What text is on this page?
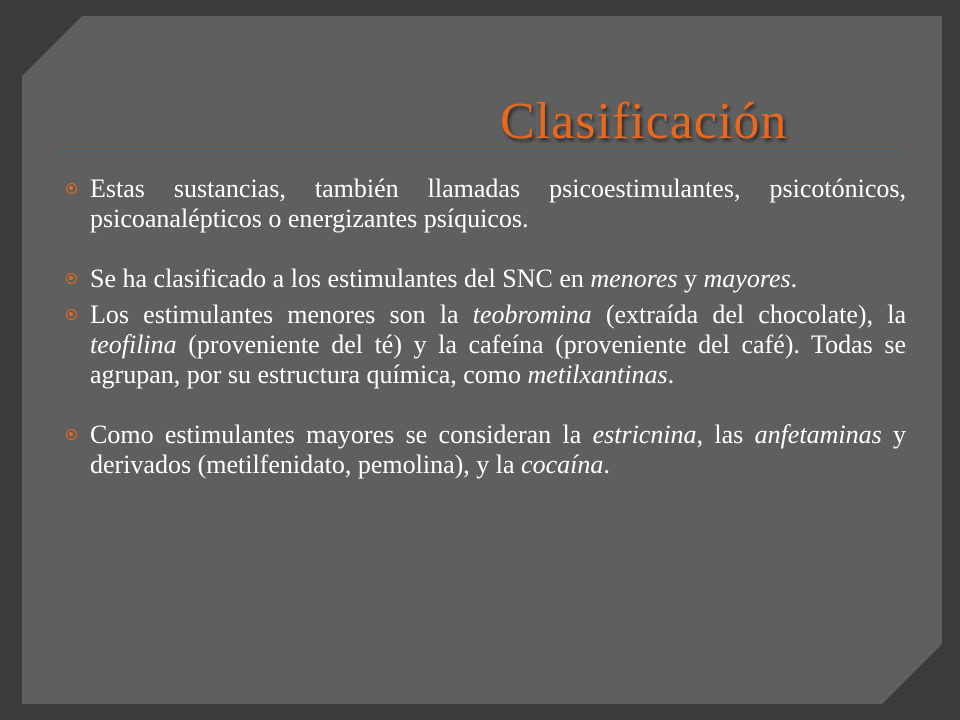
Clasificación
Estas sustancias, también llamadas psicoestimulantes, psicotónicos, psicoanalépticos o energizantes psíquicos.
Se ha clasificado a los estimulantes del SNC en menores y mayores.
Los estimulantes menores son la teobromina (extraída del chocolate), la teofilina (proveniente del té) y la cafeína (proveniente del café). Todas se agrupan, por su estructura química, como metilxantinas.
Como estimulantes mayores se consideran la estricnina, las anfetaminas y derivados (metilfenidato, pemolina), y la cocaína.
